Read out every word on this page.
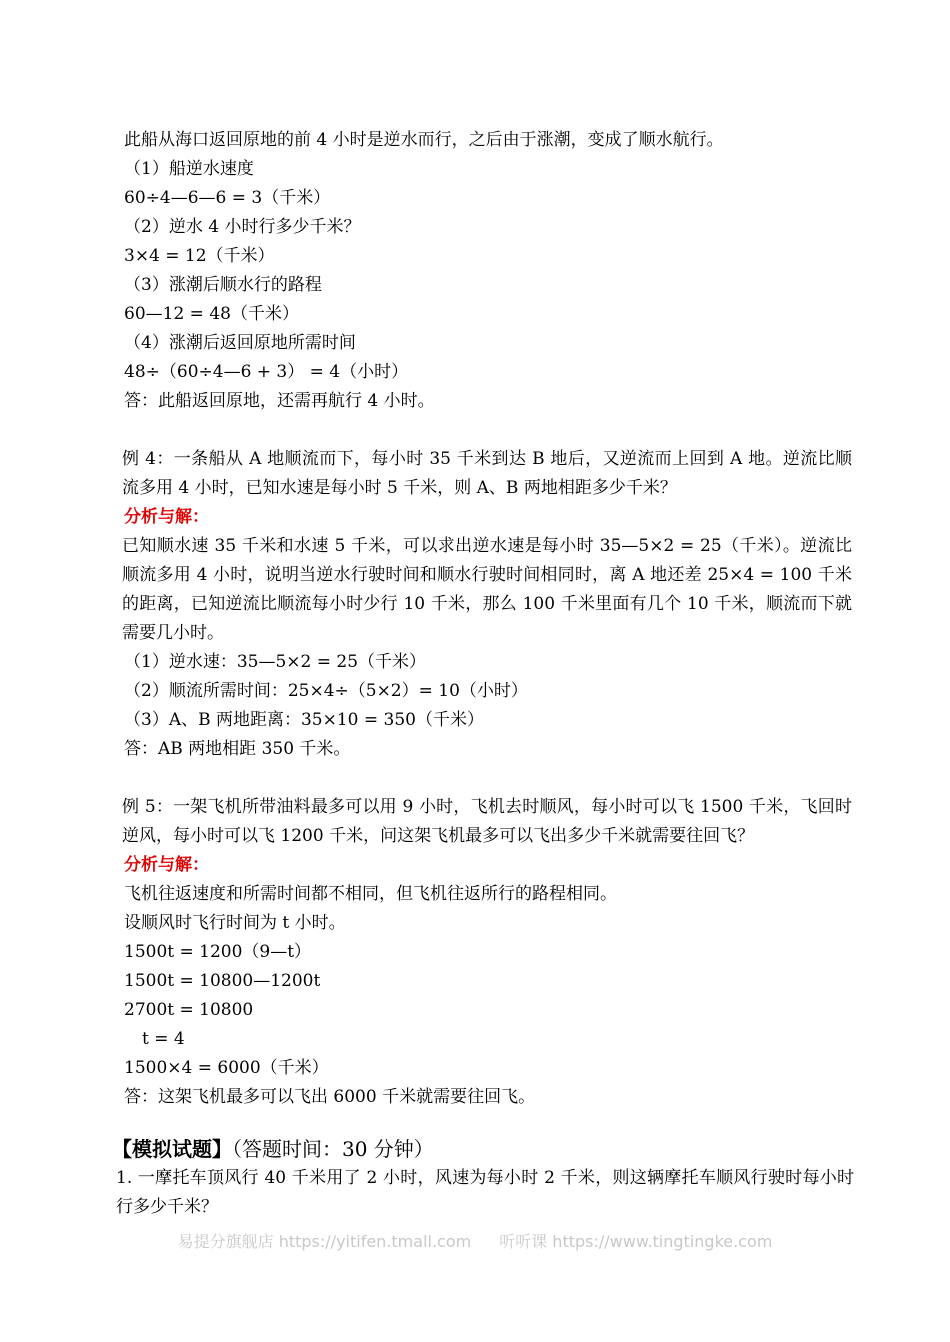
此船从海口返回原地的前 4 小时是逆水而行，之后由于涨潮，变成了顺水航行。
（1）船逆水速度
60÷4—6—6 = 3（千米）
（2）逆水 4 小时行多少千米？
3×4 = 12（千米）
（3）涨潮后顺水行的路程
60—12 = 48（千米）
（4）涨潮后返回原地所需时间
48÷（60÷4—6 + 3） = 4（小时）
答：此船返回原地，还需再航行 4 小时。
例 4：一条船从 A 地顺流而下，每小时 35 千米到达 B 地后，又逆流而上回到 A 地。逆流比顺流多用 4 小时，已知水速是每小时 5 千米，则 A、B 两地相距多少千米？
分析与解：
已知顺水速 35 千米和水速 5 千米，可以求出逆水速是每小时 35—5×2 = 25（千米）。逆流比顺流多用 4 小时，说明当逆水行驶时间和顺水行驶时间相同时，离 A 地还差 25×4 = 100 千米的距离，已知逆流比顺流每小时少行 10 千米，那么 100 千米里面有几个 10 千米，顺流而下就需要几小时。
（1）逆水速：35—5×2 = 25（千米）
（2）顺流所需时间：25×4÷（5×2）= 10（小时）
（3）A、B 两地距离：35×10 = 350（千米）
答：AB 两地相距 350 千米。
例 5：一架飞机所带油料最多可以用 9 小时，飞机去时顺风，每小时可以飞 1500 千米，飞回时逆风，每小时可以飞 1200 千米，问这架飞机最多可以飞出多少千米就需要往回飞？
分析与解：
飞机往返速度和所需时间都不相同，但飞机往返所行的路程相同。
设顺风时飞行时间为 t 小时。
1500t = 1200（9—t）
1500t = 10800—1200t
2700t = 10800
t = 4
1500×4 = 6000（千米）
答：这架飞机最多可以飞出 6000 千米就需要往回飞。
【模拟试题】（答题时间：30 分钟）
1. 一摩托车顶风行 40 千米用了 2 小时，风速为每小时 2 千米，则这辆摩托车顺风行驶时每小时行多少千米？
易提分旗舰店 https://yitifen.tmall.com 听听课 https://www.tingtingke.com
